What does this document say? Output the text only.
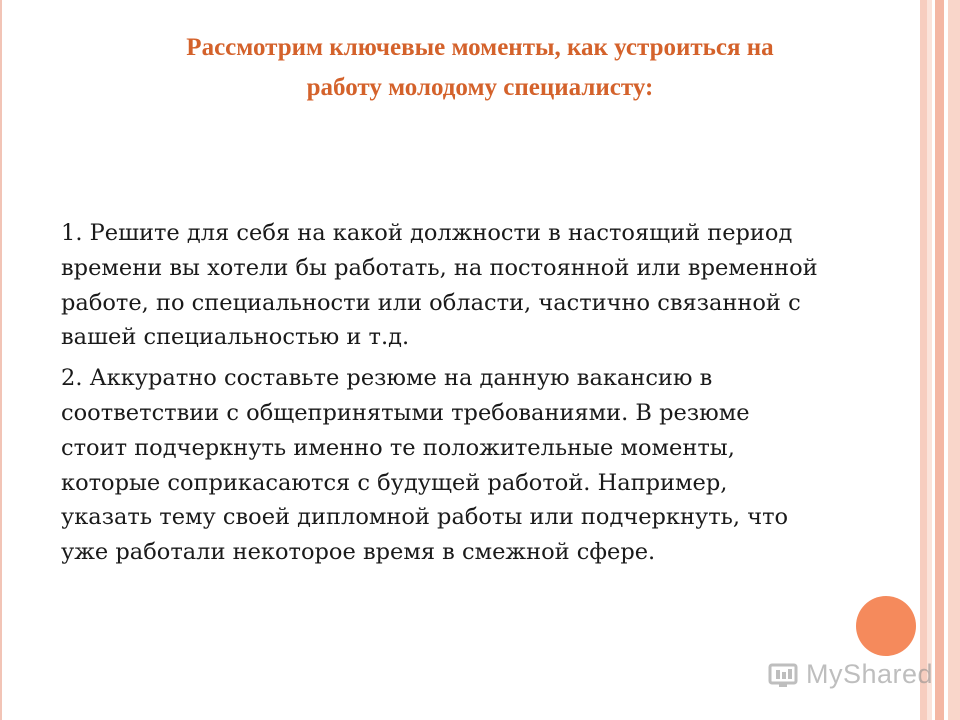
Рассмотрим ключевые моменты, как устроиться на
работу молодому специалисту:

1. Решите для себя на какой должности в настоящий период времени вы хотели бы работать, на постоянной или временной работе, по специальности или области, частично связанной с вашей специальностью и т.д.

2. Аккуратно составьте резюме на данную вакансию в соответствии с общепринятыми требованиями. В резюме стоит подчеркнуть именно те положительные моменты, которые соприкасаются с будущей работой. Например, указать тему своей дипломной работы или подчеркнуть, что уже работали некоторое время в смежной сфере.

MyShared
